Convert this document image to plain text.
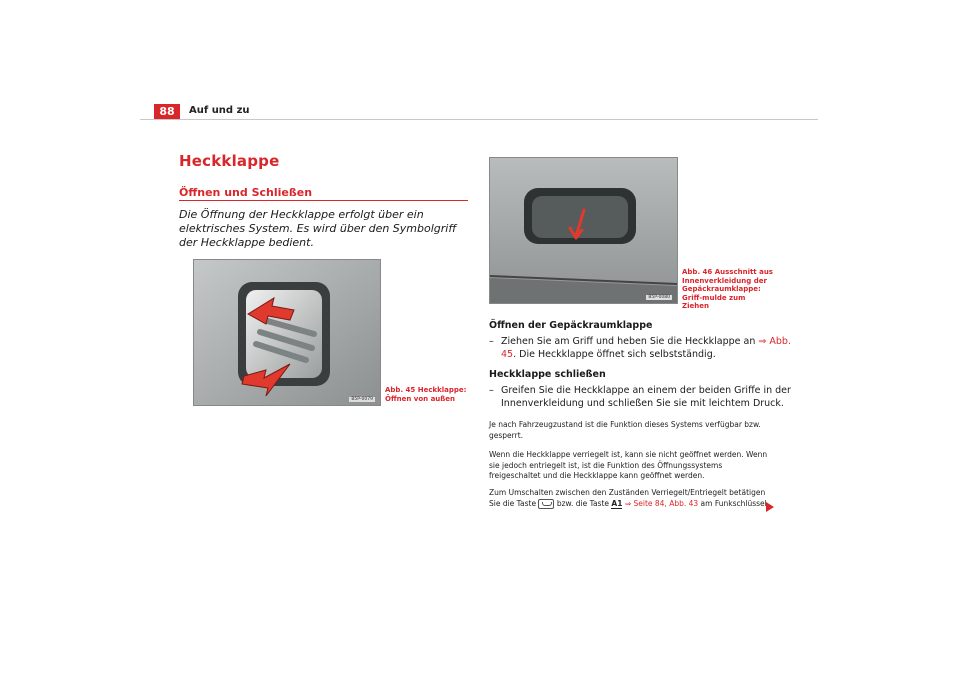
88	Auf und zu
Heckklappe
Öffnen und Schließen
Die Öffnung der Heckklappe erfolgt über ein elektrisches System. Es wird über den Symbolgriff der Heckklappe bedient.
B5P-0079
Abb. 45 Heckklappe: Öffnen von außen
B5P-0080
Abb. 46 Ausschnitt aus Innenverkleidung der Gepäckraumklappe: Griff-mulde zum Ziehen
Öffnen der Gepäckraumklappe
– Ziehen Sie am Griff und heben Sie die Heckklappe an ⇒ Abb. 45. Die Heckklappe öffnet sich selbstständig.
Heckklappe schließen
– Greifen Sie die Heckklappe an einem der beiden Griffe in der Innenverkleidung und schließen Sie sie mit leichtem Druck.
Je nach Fahrzeugzustand ist die Funktion dieses Systems verfügbar bzw. gesperrt.
Wenn die Heckklappe verriegelt ist, kann sie nicht geöffnet werden. Wenn sie jedoch entriegelt ist, ist die Funktion des Öffnungssystems freigeschaltet und die Heckklappe kann geöffnet werden.
Zum Umschalten zwischen den Zuständen Verriegelt/Entriegelt betätigen Sie die Taste  bzw. die Taste A1 ⇒ Seite 84, Abb. 43 am Funkschlüssel.
